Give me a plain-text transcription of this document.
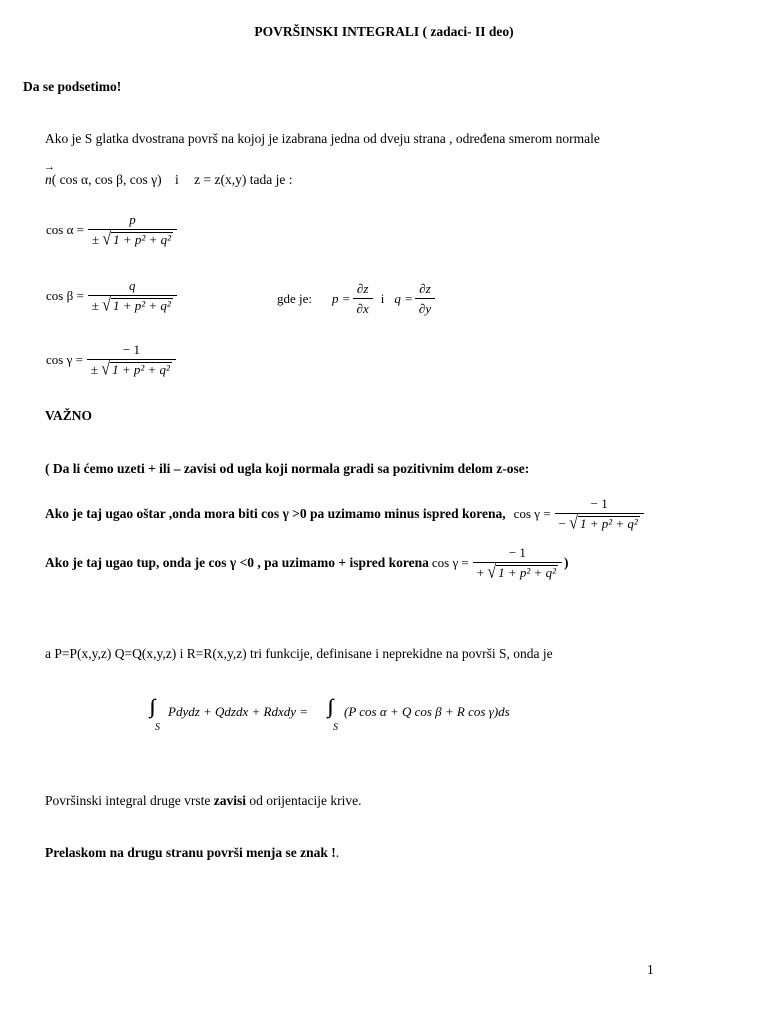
POVRŠINSKI INTEGRALI ( zadaci- II deo)
Da se podsetimo!
Ako je S glatka dvostrana površ na kojoj je izabrana jedna od dveju strana , određena smerom normale
→ n( cos α, cos β, cos γ) i z = z(x,y) tada je :
$\cos \alpha = \frac{p}{\text{± √ 1 + p² + q²}}$
$\cos \beta = \frac{q}{\text{± √ 1 + p² + q²}}$	gde je: $p = \frac{\partial z}{\partial x}$ i $q = \frac{\partial z}{\partial y}$
$\cos \gamma = \frac{- 1}{\text{± √ 1 + p² + q²}}$
VAŽNO
( Da li ćemo uzeti + ili – zavisi od ugla koji normala gradi sa pozitivnim delom z-ose:
Ako je taj ugao oštar ,onda mora biti cos γ >0 pa uzimamo minus ispred korena, $\cos \gamma = \frac{- 1}{\text{− √ 1 + p² + q²}}$
Ako je taj ugao tup, onda je cos γ <0 , pa uzimamo + ispred korena $\cos \gamma = \frac{- 1}{\text{+ √ 1 + p² + q²}}$ )
a P=P(x,y,z) Q=Q(x,y,z) i R=R(x,y,z) tri funkcije, definisane i neprekidne na površi S, onda je
S
Pdydz + Qdzdx + Rdxdy =
S
(P cos α + Q cos β + R cos γ)ds
Površinski integral druge vrste zavisi od orijentacije krive.
Prelaskom na drugu stranu površi menja se znak !.
1
